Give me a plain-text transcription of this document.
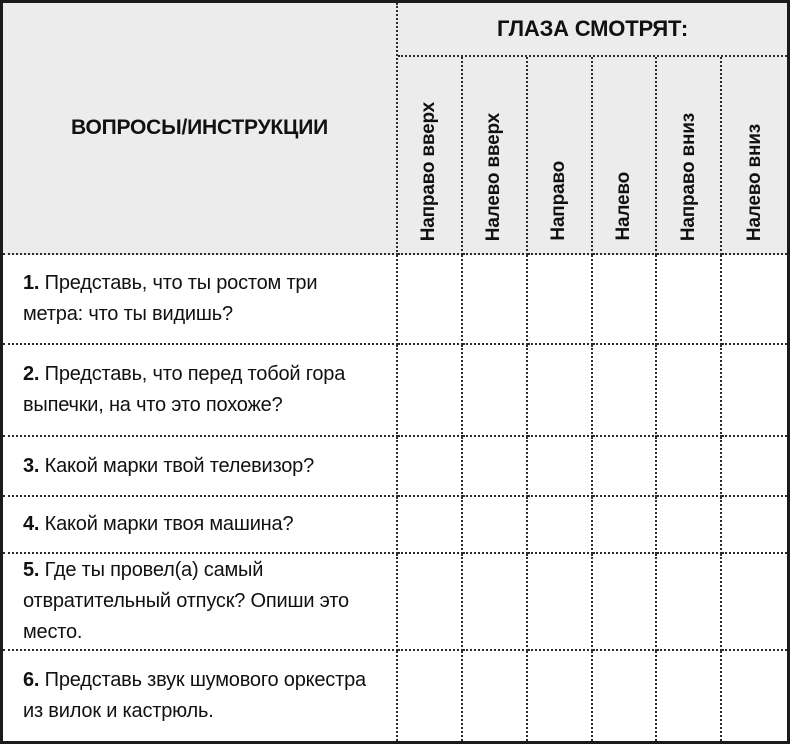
ВОПРОСЫ/ИНСТРУКЦИИ
ГЛАЗА СМОТРЯТ:
Направо вверх Налево вверх Направо Налево Направо вниз Налево вниз
1. Представь, что ты ростом три метра: что ты видишь?
2. Представь, что перед тобой гора выпечки, на что это похоже?
3. Какой марки твой телевизор?
4. Какой марки твоя машина?
5. Где ты провел(а) самый отвратительный отпуск? Опиши это место.
6. Представь звук шумового оркестра из вилок и кастрюль.
